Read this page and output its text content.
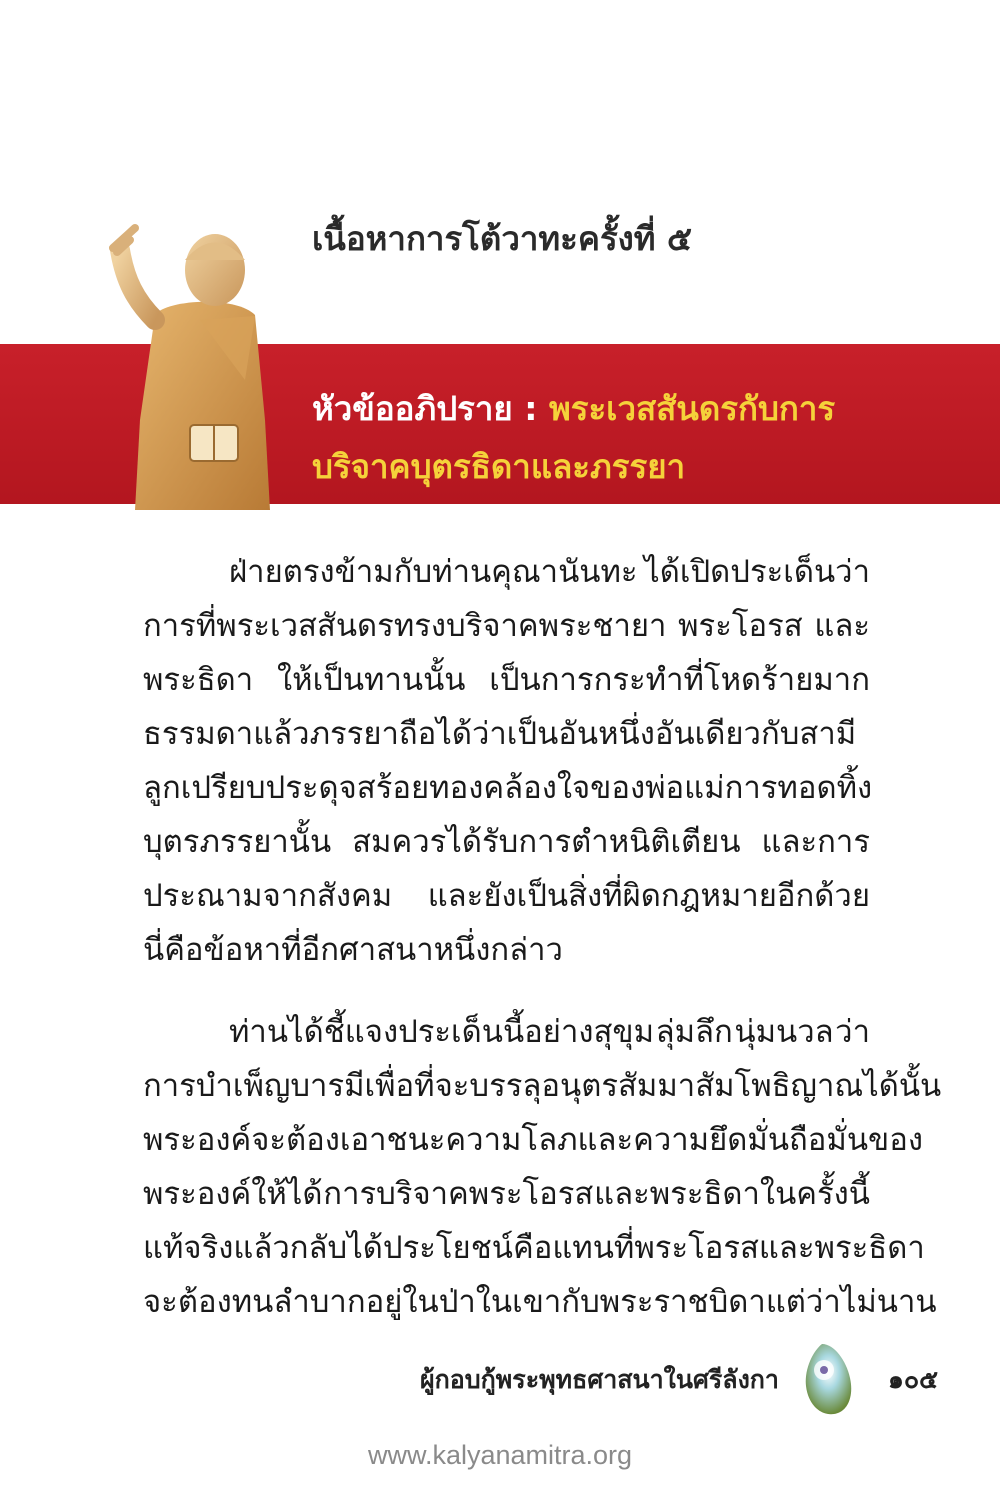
เนื้อหาการโต้วาทะครั้งที่ ๕
หัวข้ออภิปราย : พระเวสสันดรกับการ
บริจาคบุตรธิดาและภรรยา
ฝ่ายตรงข้ามกับท่านคุณานันทะ ได้เปิดประเด็นว่า
การที่พระเวสสันดรทรงบริจาคพระชายา พระโอรส และ
พระธิดา ให้เป็นทานนั้น เป็นการกระทำที่โหดร้ายมาก
ธรรมดาแล้วภรรยาถือได้ว่าเป็นอันหนึ่งอันเดียวกับสามี
ลูกเปรียบประดุจสร้อยทองคล้องใจของพ่อแม่ การทอดทิ้ง
บุตรภรรยานั้น สมควรได้รับการตำหนิติเตียน และการ
ประณามจากสังคม และยังเป็นสิ่งที่ผิดกฎหมายอีกด้วย
นี่คือข้อหาที่อีกศาสนาหนึ่งกล่าว
ท่านได้ชี้แจงประเด็นนี้อย่างสุขุม ลุ่มลึก นุ่มนวล ว่า
การบำเพ็ญบารมีเพื่อที่จะบรรลุอนุตรสัมมาสัมโพธิญาณได้นั้น
พระองค์จะต้องเอาชนะความโลภ และความยึดมั่นถือมั่นของ
พระองค์ให้ได้ การบริจาคพระโอรส และพระธิดาในครั้งนี้
แท้จริงแล้วกลับได้ประโยชน์ คือ แทนที่พระโอรสและพระธิดา
จะต้องทนลำบากอยู่ในป่าในเขากับพระราชบิดา แต่ว่าไม่นาน
ผู้กอบกู้พระพุทธศาสนาในศรีลังกา	๑๐๕
www.kalyanamitra.org
